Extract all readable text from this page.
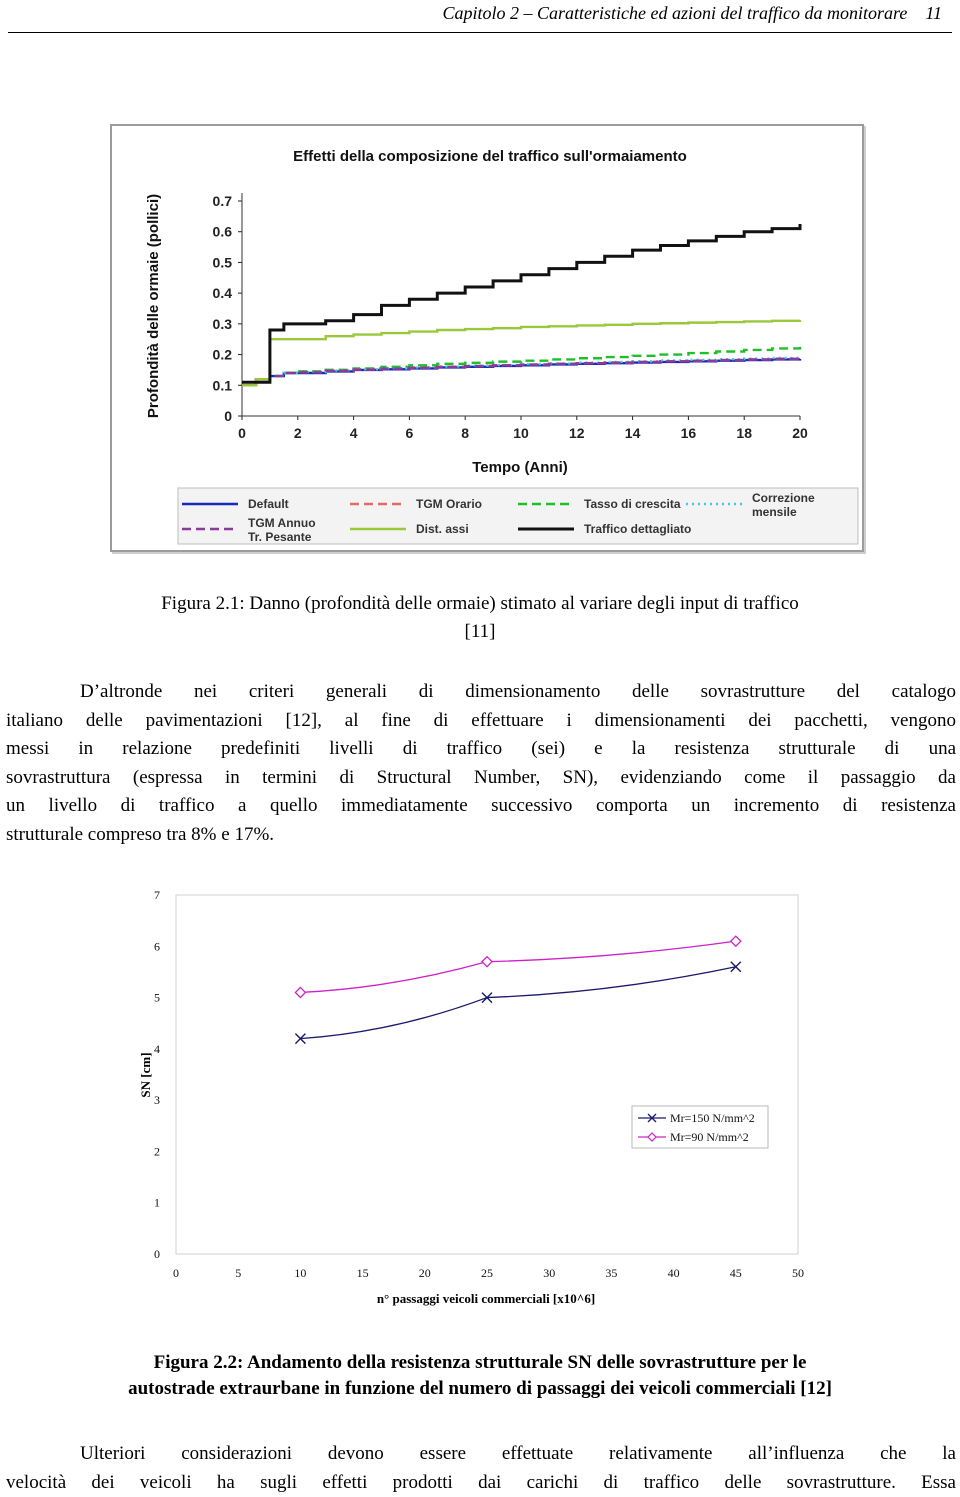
Capitolo 2 – Caratteristiche ed azioni del traffico da monitorare 11
Effetti della composizione del traffico sull'ormaiamento
Profondità delle ormaie (pollici)
Tempo (Anni)
0
0.1
0.2
0.3
0.4
0.5
0.6
0.7
0	2	4	6	8	10	12	14	16	18	20
Default	TGM Orario	Tasso di crescita	Correzione
mensile
TGM Annuo
Tr. Pesante
Dist. assi	Traffico dettagliato
Figura 2.1: Danno (profondità delle ormaie) stimato al variare degli input di traffico
[11]
D’altronde nei criteri generali di dimensionamento delle sovrastrutture del catalogo
italiano delle pavimentazioni [12], al fine di effettuare i dimensionamenti dei pacchetti, vengono
messi in relazione predefiniti livelli di traffico (sei) e la resistenza strutturale di una
sovrastruttura (espressa in termini di Structural Number, SN), evidenziando come il passaggio da
un livello di traffico a quello immediatamente successivo comporta un incremento di resistenza
strutturale compreso tra 8% e 17%.
SN [cm]
n° passaggi veicoli commerciali [x10^6]
0
1
2
3
4
5
6
7
0	5	10	15	20	25	30	35	40	45	50
Mr=150 N/mm^2
Mr=90 N/mm^2
Figura 2.2: Andamento della resistenza strutturale SN delle sovrastrutture per le
autostrade extraurbane in funzione del numero di passaggi dei veicoli commerciali [12]
Ulteriori considerazioni devono essere effettuate relativamente all’influenza che la
velocità dei veicoli ha sugli effetti prodotti dai carichi di traffico delle sovrastrutture. Essa
